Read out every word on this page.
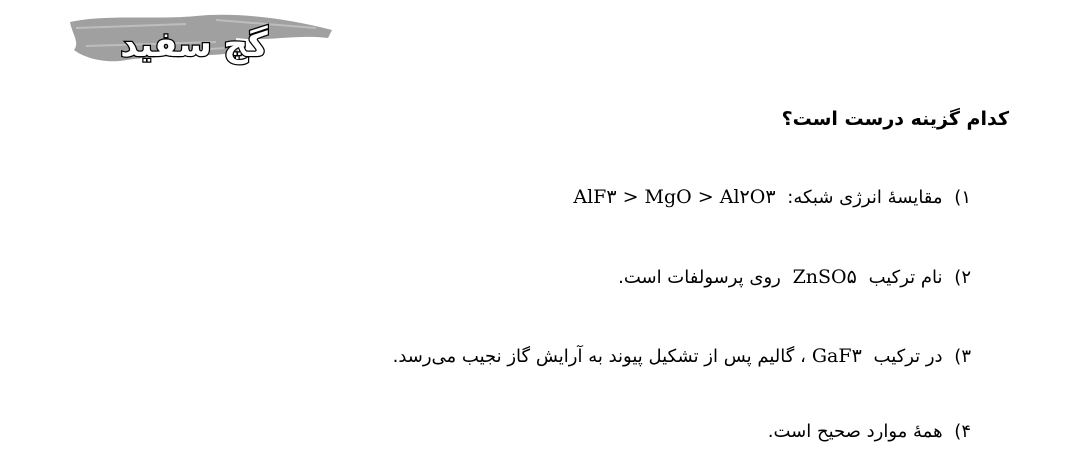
گچ سفید
کدام گزینه درست است؟
۱) مقایسهٔ انرژی شبکه: AlF۳ > MgO > Al۲O۳
۲) نام ترکیب ZnSO۵ روی پرسولفات است.
۳) در ترکیب GaF۳، گالیم پس از تشکیل پیوند به آرایش گاز نجیب می‌رسد.
۴) همهٔ موارد صحیح است.
